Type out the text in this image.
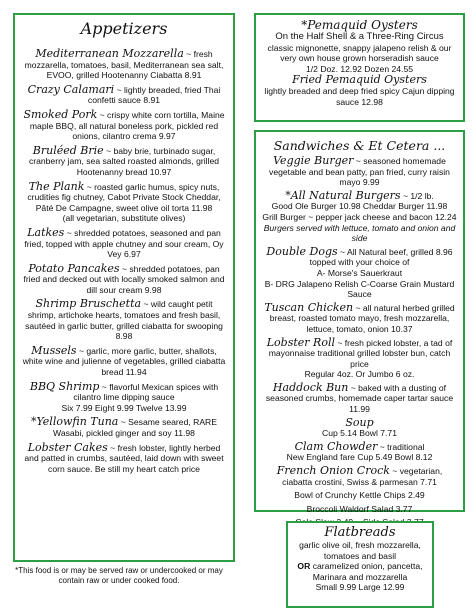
Appetizers
Mediterranean Mozzarella ~ fresh mozzarella, tomatoes, basil, Mediterranean sea salt, EVOO, grilled Hootenanny Ciabatta 8.91
Crazy Calamari ~ lightly breaded, fried Thai confetti sauce 8.91
Smoked Pork ~ crispy white corn tortilla, Maine maple BBQ, all natural boneless pork, pickled red onions, cilantro crema 9.97
Bruléed Brie ~ baby brie, turbinado sugar, cranberry jam, sea salted roasted almonds, grilled Hootenanny bread 10.97
The Plank ~ roasted garlic humus, spicy nuts, crudities fig chutney, Cabot Private Stock Cheddar, Pâté De Campagne, sweet olive oil torta 11.98
(all vegetarian, substitute olives)
Latkes ~ shredded potatoes, seasoned and pan fried, topped with apple chutney and sour cream, Oy Vey 6.97
Potato Pancakes ~ shredded potatoes, pan fried and decked out with locally smoked salmon and dill sour cream 9.98
Shrimp Bruschetta ~ wild caught petit shrimp, artichoke hearts, tomatoes and fresh basil, sautéed in garlic butter, grilled ciabatta for swooping 8.98
Mussels ~ garlic, more garlic, butter, shallots, white wine and julienne of vegetables, grilled ciabatta bread 11.94
BBQ Shrimp ~ flavorful Mexican spices with cilantro lime dipping sauce
Six 7.99 Eight 9.99 Twelve 13.99
*Yellowfin Tuna ~ Sesame seared, RARE Wasabi, pickled ginger and soy 11.98
Lobster Cakes ~ fresh lobster, lightly herbed and patted in crumbs, sautéed, laid down with sweet corn sauce. Be still my heart catch price
*This food is or may be served raw or undercooked or may contain raw or under cooked food.
*Pemaquid Oysters
On the Half Shell & a Three-Ring Circus
classic mignonette, snappy jalapeno relish & our very own house grown horseradish sauce
1/2 Doz. 12.92 Dozen 24.55
Fried Pemaquid Oysters
lightly breaded and deep fried spicy Cajun dipping sauce 12.98
Sandwiches & Et Cetera ...
Veggie Burger ~ seasoned homemade vegetable and bean patty, pan fried, curry raisin mayo 9.99
*All Natural Burgers ~ 1/2 lb.
Good Ole Burger 10.98 Cheddar Burger 11.98
Grill Burger ~ pepper jack cheese and bacon 12.24
Burgers served with lettuce, tomato and onion and side
Double Dogs ~ All Natural beef, grilled 8.96
topped with your choice of
A- Morse's Sauerkraut
B- DRG Jalapeno Relish C-Coarse Grain Mustard Sauce
Tuscan Chicken ~ all natural herbed grilled breast, roasted tomato mayo, fresh mozzarella, lettuce, tomato, onion 10.37
Lobster Roll ~ fresh picked lobster, a tad of mayonnaise traditional grilled lobster bun, catch price
Regular 4oz. Or Jumbo 6 oz.
Haddock Bun ~ baked with a dusting of seasoned crumbs, homemade caper tartar sauce 11.99
Soup
Cup 5.14 Bowl 7.71
Clam Chowder ~ traditional
New England fare Cup 5.49 Bowl 8.12
French Onion Crock ~ vegetarian, ciabatta crostini, Swiss & parmesan 7.71
Bowl of Crunchy Kettle Chips 2.49
Broccoli Waldorf Salad 3.77
Flatbreads
garlic olive oil, fresh mozzarella, tomatoes and basil
OR caramelized onion, pancetta, Marinara and mozzarella
Small 9.99 Large 12.99
